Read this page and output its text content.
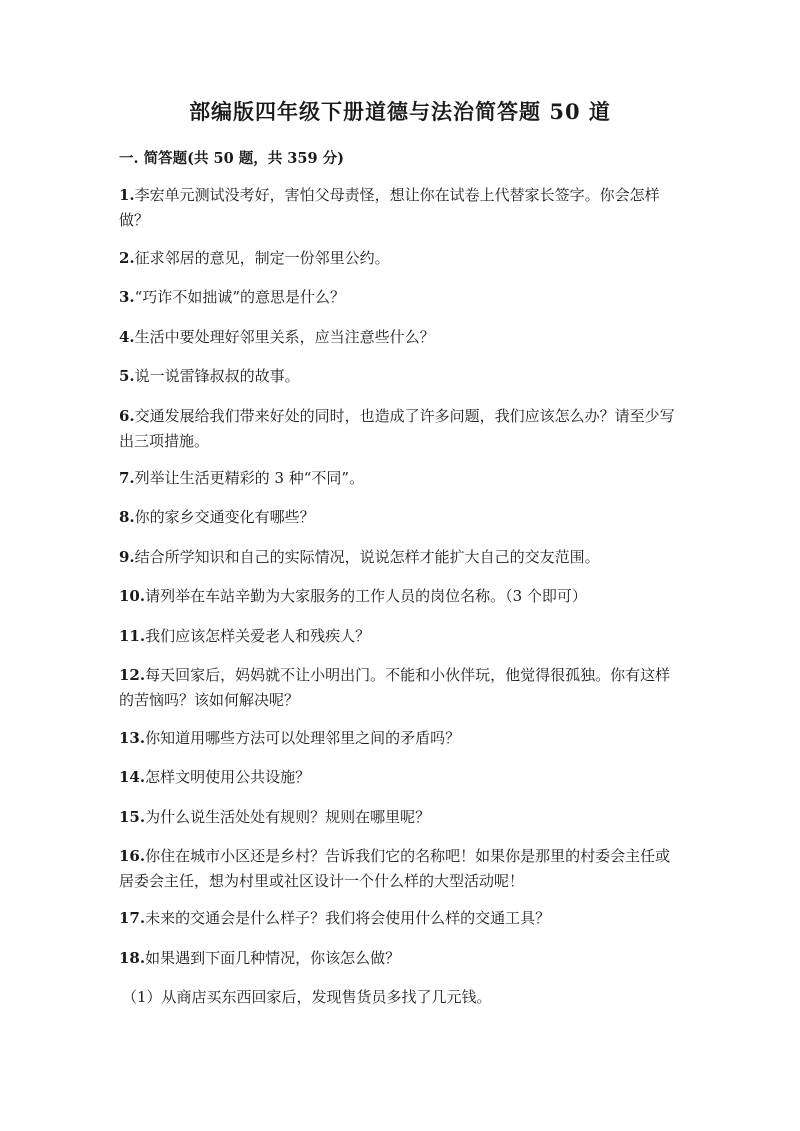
部编版四年级下册道德与法治简答题 50 道
一. 简答题(共 50 题，共 359 分)
1.李宏单元测试没考好，害怕父母责怪，想让你在试卷上代替家长签字。你会怎样做？
2.征求邻居的意见，制定一份邻里公约。
3.“巧诈不如拙诚”的意思是什么？
4.生活中要处理好邻里关系，应当注意些什么？
5.说一说雷锋叔叔的故事。
6.交通发展给我们带来好处的同时，也造成了许多问题，我们应该怎么办？请至少写出三项措施。
7.列举让生活更精彩的 3 种“不同”。
8.你的家乡交通变化有哪些？
9.结合所学知识和自己的实际情况，说说怎样才能扩大自己的交友范围。
10.请列举在车站辛勤为大家服务的工作人员的岗位名称。（3 个即可）
11.我们应该怎样关爱老人和残疾人？
12.每天回家后，妈妈就不让小明出门。不能和小伙伴玩，他觉得很孤独。你有这样的苦恼吗？该如何解决呢？
13.你知道用哪些方法可以处理邻里之间的矛盾吗？
14.怎样文明使用公共设施？
15.为什么说生活处处有规则？规则在哪里呢？
16.你住在城市小区还是乡村？告诉我们它的名称吧！如果你是那里的村委会主任或居委会主任，想为村里或社区设计一个什么样的大型活动呢！
17.未来的交通会是什么样子？我们将会使用什么样的交通工具？
18.如果遇到下面几种情况，你该怎么做？
（1）从商店买东西回家后，发现售货员多找了几元钱。
